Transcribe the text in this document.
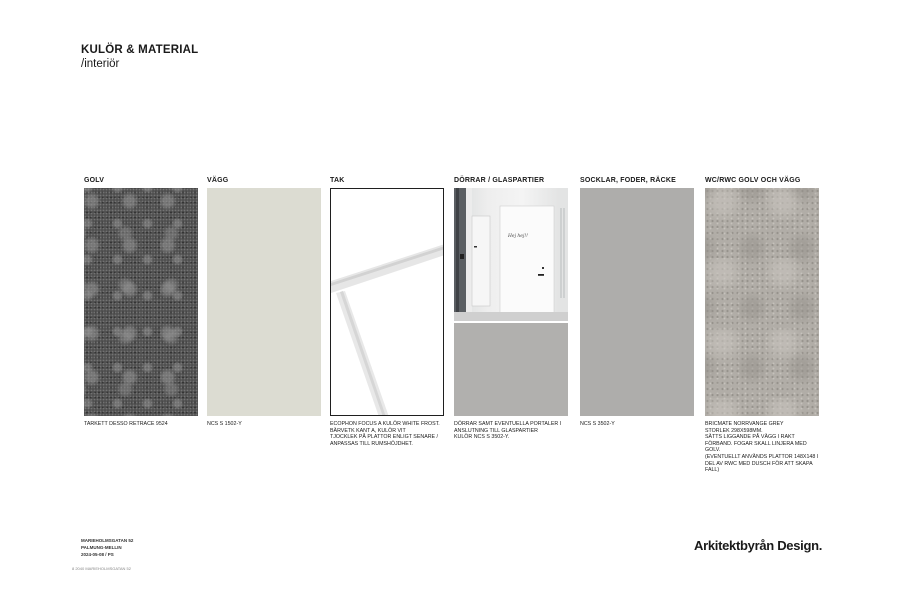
KULÖR & MATERIAL
/interiör
GOLV
TARKETT DESSO RETRACE 9524
VÄGG
NCS S 1502-Y
TAK
ECOPHON FOCUS A KULÖR WHITE FROST.
BÄRVETK KANT A, KULÖR VIT
TJOCKLEK PÅ PLATTOR ENLIGT SENARE / ANPASSAS TILL RUMSHÖJDHET.
DÖRRAR / GLASPARTIER
Hej hej!!
DÖRRAR SAMT EVENTUELLA PORTALER I ANSLUTNING TILL GLASPARTIER
KULÖR NCS S 3502-Y.
SOCKLAR, FODER, RÄCKE
NCS S 3502-Y
WC/RWC GOLV OCH VÄGG
BRICMATE NORRVANGE GREY
STORLEK 298X598MM.
SÄTTS LIGGANDE PÅ VÄGG I RAKT FÖRBAND. FOGAR SKALL LINJERA MED GOLV.
(EVENTUELLT ANVÄNDS PLATTOR 148X148 I DEL AV RWC MED DUSCH FÖR ATT SKAPA FALL)
MARIEHOLMSGATAN 52
PALMUNG-MELLIN
2024-05-08 / PS
8 2040 MARIEHOLMSGATAN 52
Arkitektbyrån Design.
